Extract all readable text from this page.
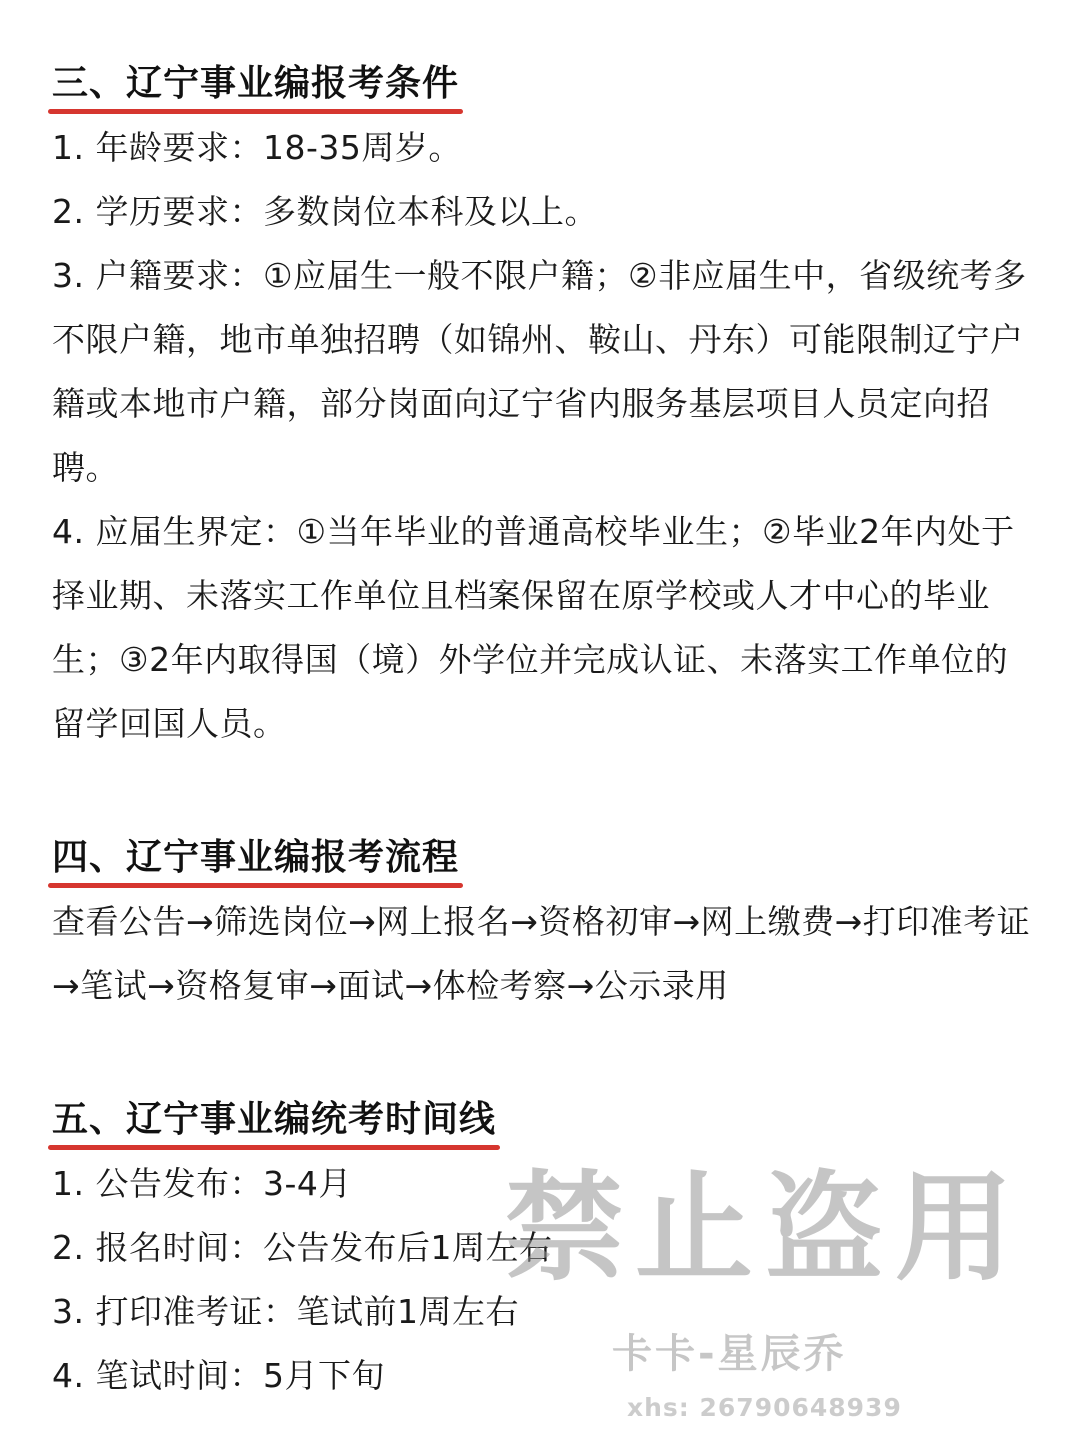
三、辽宁事业编报考条件

1. 年龄要求：18-35周岁。

2. 学历要求：多数岗位本科及以上。

3. 户籍要求：①应届生一般不限户籍；②非应届生中，省级统考多不限户籍，地市单独招聘（如锦州、鞍山、丹东）可能限制辽宁户籍或本地市户籍，部分岗面向辽宁省内服务基层项目人员定向招聘。

4. 应届生界定：①当年毕业的普通高校毕业生；②毕业2年内处于择业期、未落实工作单位且档案保留在原学校或人才中心的毕业生；③2年内取得国（境）外学位并完成认证、未落实工作单位的留学回国人员。

四、辽宁事业编报考流程

查看公告→筛选岗位→网上报名→资格初审→网上缴费→打印准考证→笔试→资格复审→面试→体检考察→公示录用

五、辽宁事业编统考时间线

1. 公告发布：3-4月

2. 报名时间：公告发布后1周左右

3. 打印准考证：笔试前1周左右

4. 笔试时间：5月下旬

禁止盗用
卡卡-星辰乔
xhs: 26790648939
